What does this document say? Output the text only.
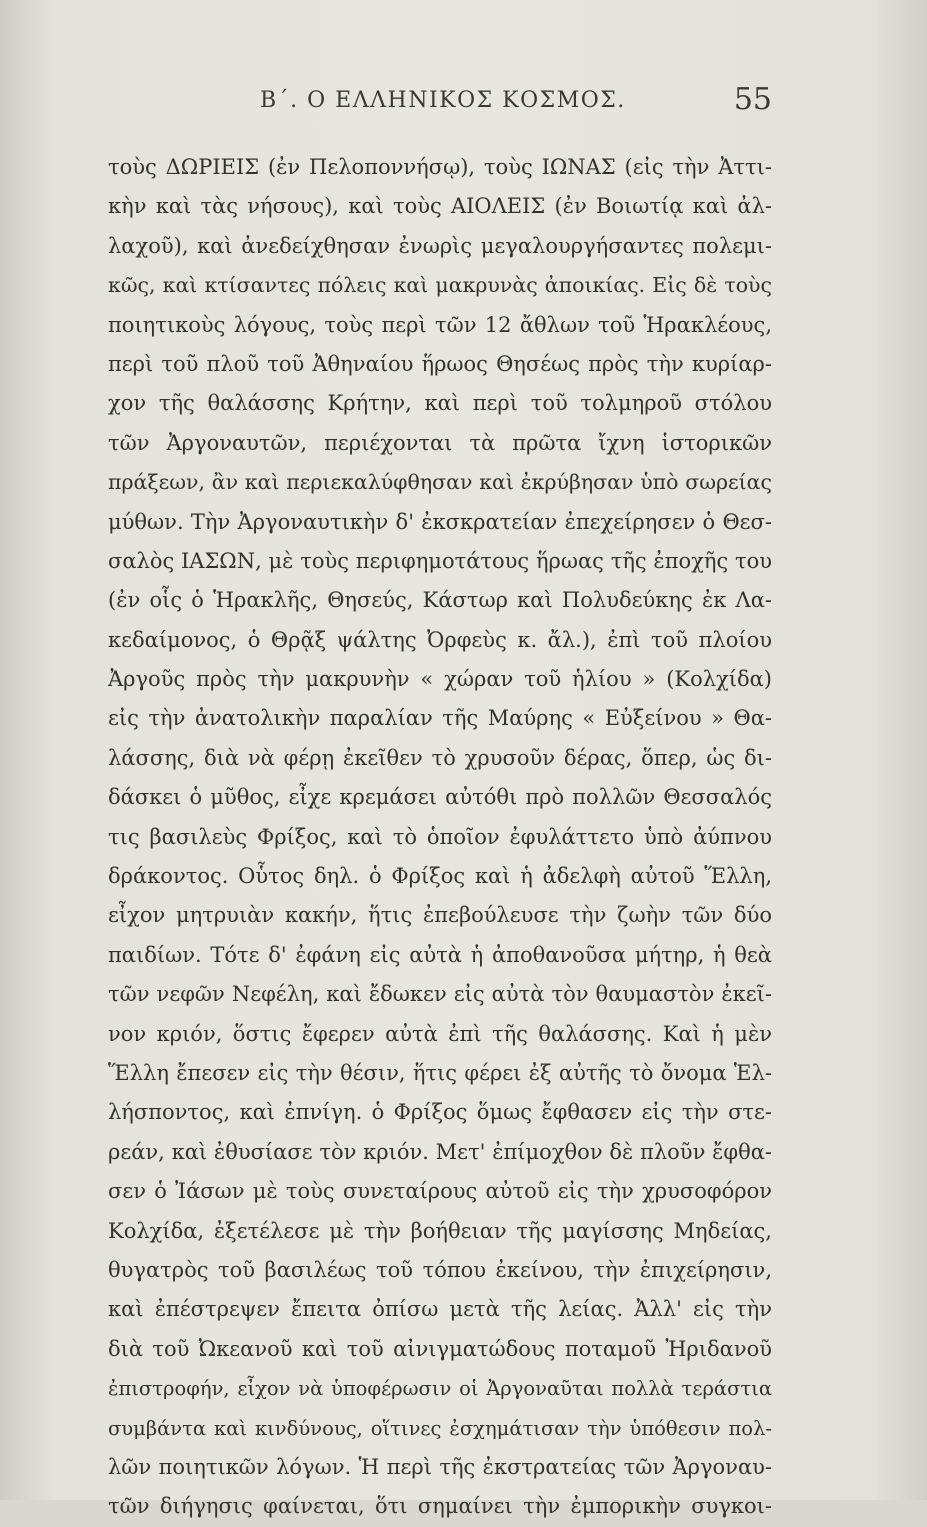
Β΄. Ο ΕΛΛΗΝΙΚΟΣ ΚΟΣΜΟΣ.	55
τοὺς ΔΩΡΙΕΙΣ (ἐν Πελοποννήσῳ), τοὺς ΙΩΝΑΣ (εἰς τὴν Ἀττι-
κὴν καὶ τὰς νήσους), καὶ τοὺς ΑΙΟΛΕΙΣ (ἐν Βοιωτίᾳ καὶ ἀλ-
λαχοῦ), καὶ ἀνεδείχθησαν ἐνωρὶς μεγαλουργήσαντες πολεμι-
κῶς, καὶ κτίσαντες πόλεις καὶ μακρυνὰς ἀποικίας. Εἰς δὲ τοὺς
ποιητικοὺς λόγους, τοὺς περὶ τῶν 12 ἄθλων τοῦ Ἡρακλέους,
περὶ τοῦ πλοῦ τοῦ Ἀθηναίου ἥρωος Θησέως πρὸς τὴν κυρίαρ-
χον τῆς θαλάσσης Κρήτην, καὶ περὶ τοῦ τολμηροῦ στόλου
τῶν Ἀργοναυτῶν, περιέχονται τὰ πρῶτα ἴχνη ἱστορικῶν
πράξεων, ἂν καὶ περιεκαλύφθησαν καὶ ἐκρύβησαν ὑπὸ σωρείας
μύθων. Τὴν Ἀργοναυτικὴν δ' ἐκσκρατείαν ἐπεχείρησεν ὁ Θεσ-
σαλὸς ΙΑΣΩΝ, μὲ τοὺς περιφημοτάτους ἥρωας τῆς ἐποχῆς του
(ἐν οἷς ὁ Ἡρακλῆς, Θησεύς, Κάστωρ καὶ Πολυδεύκης ἐκ Λα-
κεδαίμονος, ὁ Θρᾷξ ψάλτης Ὀρφεὺς κ. ἄλ.), ἐπὶ τοῦ πλοίου
Ἀργοῦς πρὸς τὴν μακρυνὴν « χώραν τοῦ ἡλίου » (Κολχίδα)
εἰς τὴν ἀνατολικὴν παραλίαν τῆς Μαύρης « Εὐξείνου » Θα-
λάσσης, διὰ νὰ φέρῃ ἐκεῖθεν τὸ χρυσοῦν δέρας, ὅπερ, ὡς δι-
δάσκει ὁ μῦθος, εἶχε κρεμάσει αὐτόθι πρὸ πολλῶν Θεσσαλός
τις βασιλεὺς Φρίξος, καὶ τὸ ὁποῖον ἐφυλάττετο ὑπὸ ἀύπνου
δράκοντος. Οὗτος δηλ. ὁ Φρίξος καὶ ἡ ἀδελφὴ αὐτοῦ Ἕλλη,
εἶχον μητρυιὰν κακήν, ἥτις ἐπεβούλευσε τὴν ζωὴν τῶν δύο
παιδίων. Τότε δ' ἐφάνη εἰς αὐτὰ ἡ ἀποθανοῦσα μήτηρ, ἡ θεὰ
τῶν νεφῶν Νεφέλη, καὶ ἔδωκεν εἰς αὐτὰ τὸν θαυμαστὸν ἐκεῖ-
νον κριόν, ὅστις ἔφερεν αὐτὰ ἐπὶ τῆς θαλάσσης. Καὶ ἡ μὲν
Ἕλλη ἔπεσεν εἰς τὴν θέσιν, ἥτις φέρει ἐξ αὐτῆς τὸ ὄνομα Ἑλ-
λήσποντος, καὶ ἐπνίγη. ὁ Φρίξος ὅμως ἔφθασεν εἰς τὴν στε-
ρεάν, καὶ ἐθυσίασε τὸν κριόν. Μετ' ἐπίμοχθον δὲ πλοῦν ἔφθα-
σεν ὁ Ἰάσων μὲ τοὺς συνεταίρους αὐτοῦ εἰς τὴν χρυσοφόρον
Κολχίδα, ἐξετέλεσε μὲ τὴν βοήθειαν τῆς μαγίσσης Μηδείας,
θυγατρὸς τοῦ βασιλέως τοῦ τόπου ἐκείνου, τὴν ἐπιχείρησιν,
καὶ ἐπέστρεψεν ἔπειτα ὀπίσω μετὰ τῆς λείας. Ἀλλ' εἰς τὴν
διὰ τοῦ Ὠκεανοῦ καὶ τοῦ αἰνιγματώδους ποταμοῦ Ἠριδανοῦ
ἐπιστροφήν, εἶχον νὰ ὑποφέρωσιν οἱ Ἀργοναῦται πολλὰ τεράστια
συμβάντα καὶ κινδύνους, οἵτινες ἐσχημάτισαν τὴν ὑπόθεσιν πολ-
λῶν ποιητικῶν λόγων. Ἡ περὶ τῆς ἐκστρατείας τῶν Ἀργοναυ-
τῶν διήγησις φαίνεται, ὅτι σημαίνει τὴν ἐμπορικὴν συγκοι-
